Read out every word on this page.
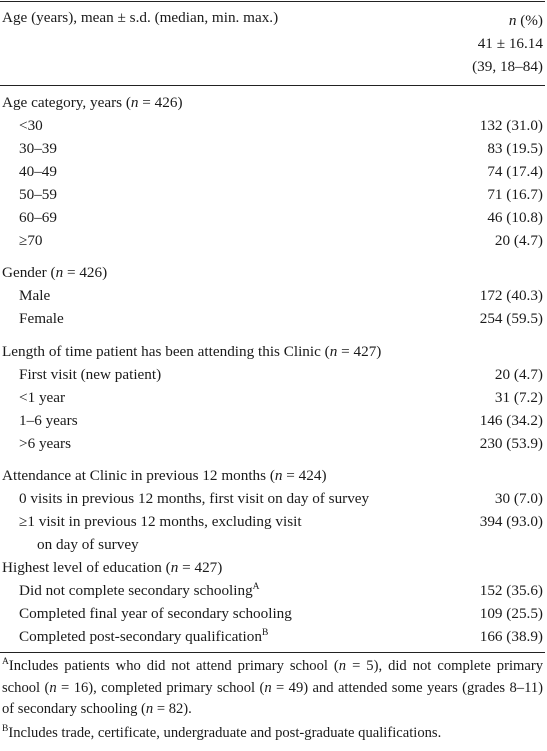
Age (years), mean ± s.d. (median, min. max.)	n (%)
41 ± 16.14
(39, 18–84)
Age category, years (n = 426)
<30	132 (31.0)
30–39	83 (19.5)
40–49	74 (17.4)
50–59	71 (16.7)
60–69	46 (10.8)
≥70	20 (4.7)
Gender (n = 426)
Male	172 (40.3)
Female	254 (59.5)
Length of time patient has been attending this Clinic (n = 427)
First visit (new patient)	20 (4.7)
<1 year	31 (7.2)
1–6 years	146 (34.2)
>6 years	230 (53.9)
Attendance at Clinic in previous 12 months (n = 424)
0 visits in previous 12 months, first visit on day of survey	30 (7.0)
≥1 visit in previous 12 months, excluding visit	394 (93.0)
on day of survey
Highest level of education (n = 427)
Did not complete secondary schooling$^A$	152 (35.6)
Completed final year of secondary schooling	109 (25.5)
Completed post-secondary qualification$^B$	166 (38.9)
$^A$Includes patients who did not attend primary school (n = 5), did not complete primary school (n = 16), completed primary school (n = 49) and attended some years (grades 8–11) of secondary schooling (n = 82).
$^B$Includes trade, certificate, undergraduate and post-graduate qualifications.
